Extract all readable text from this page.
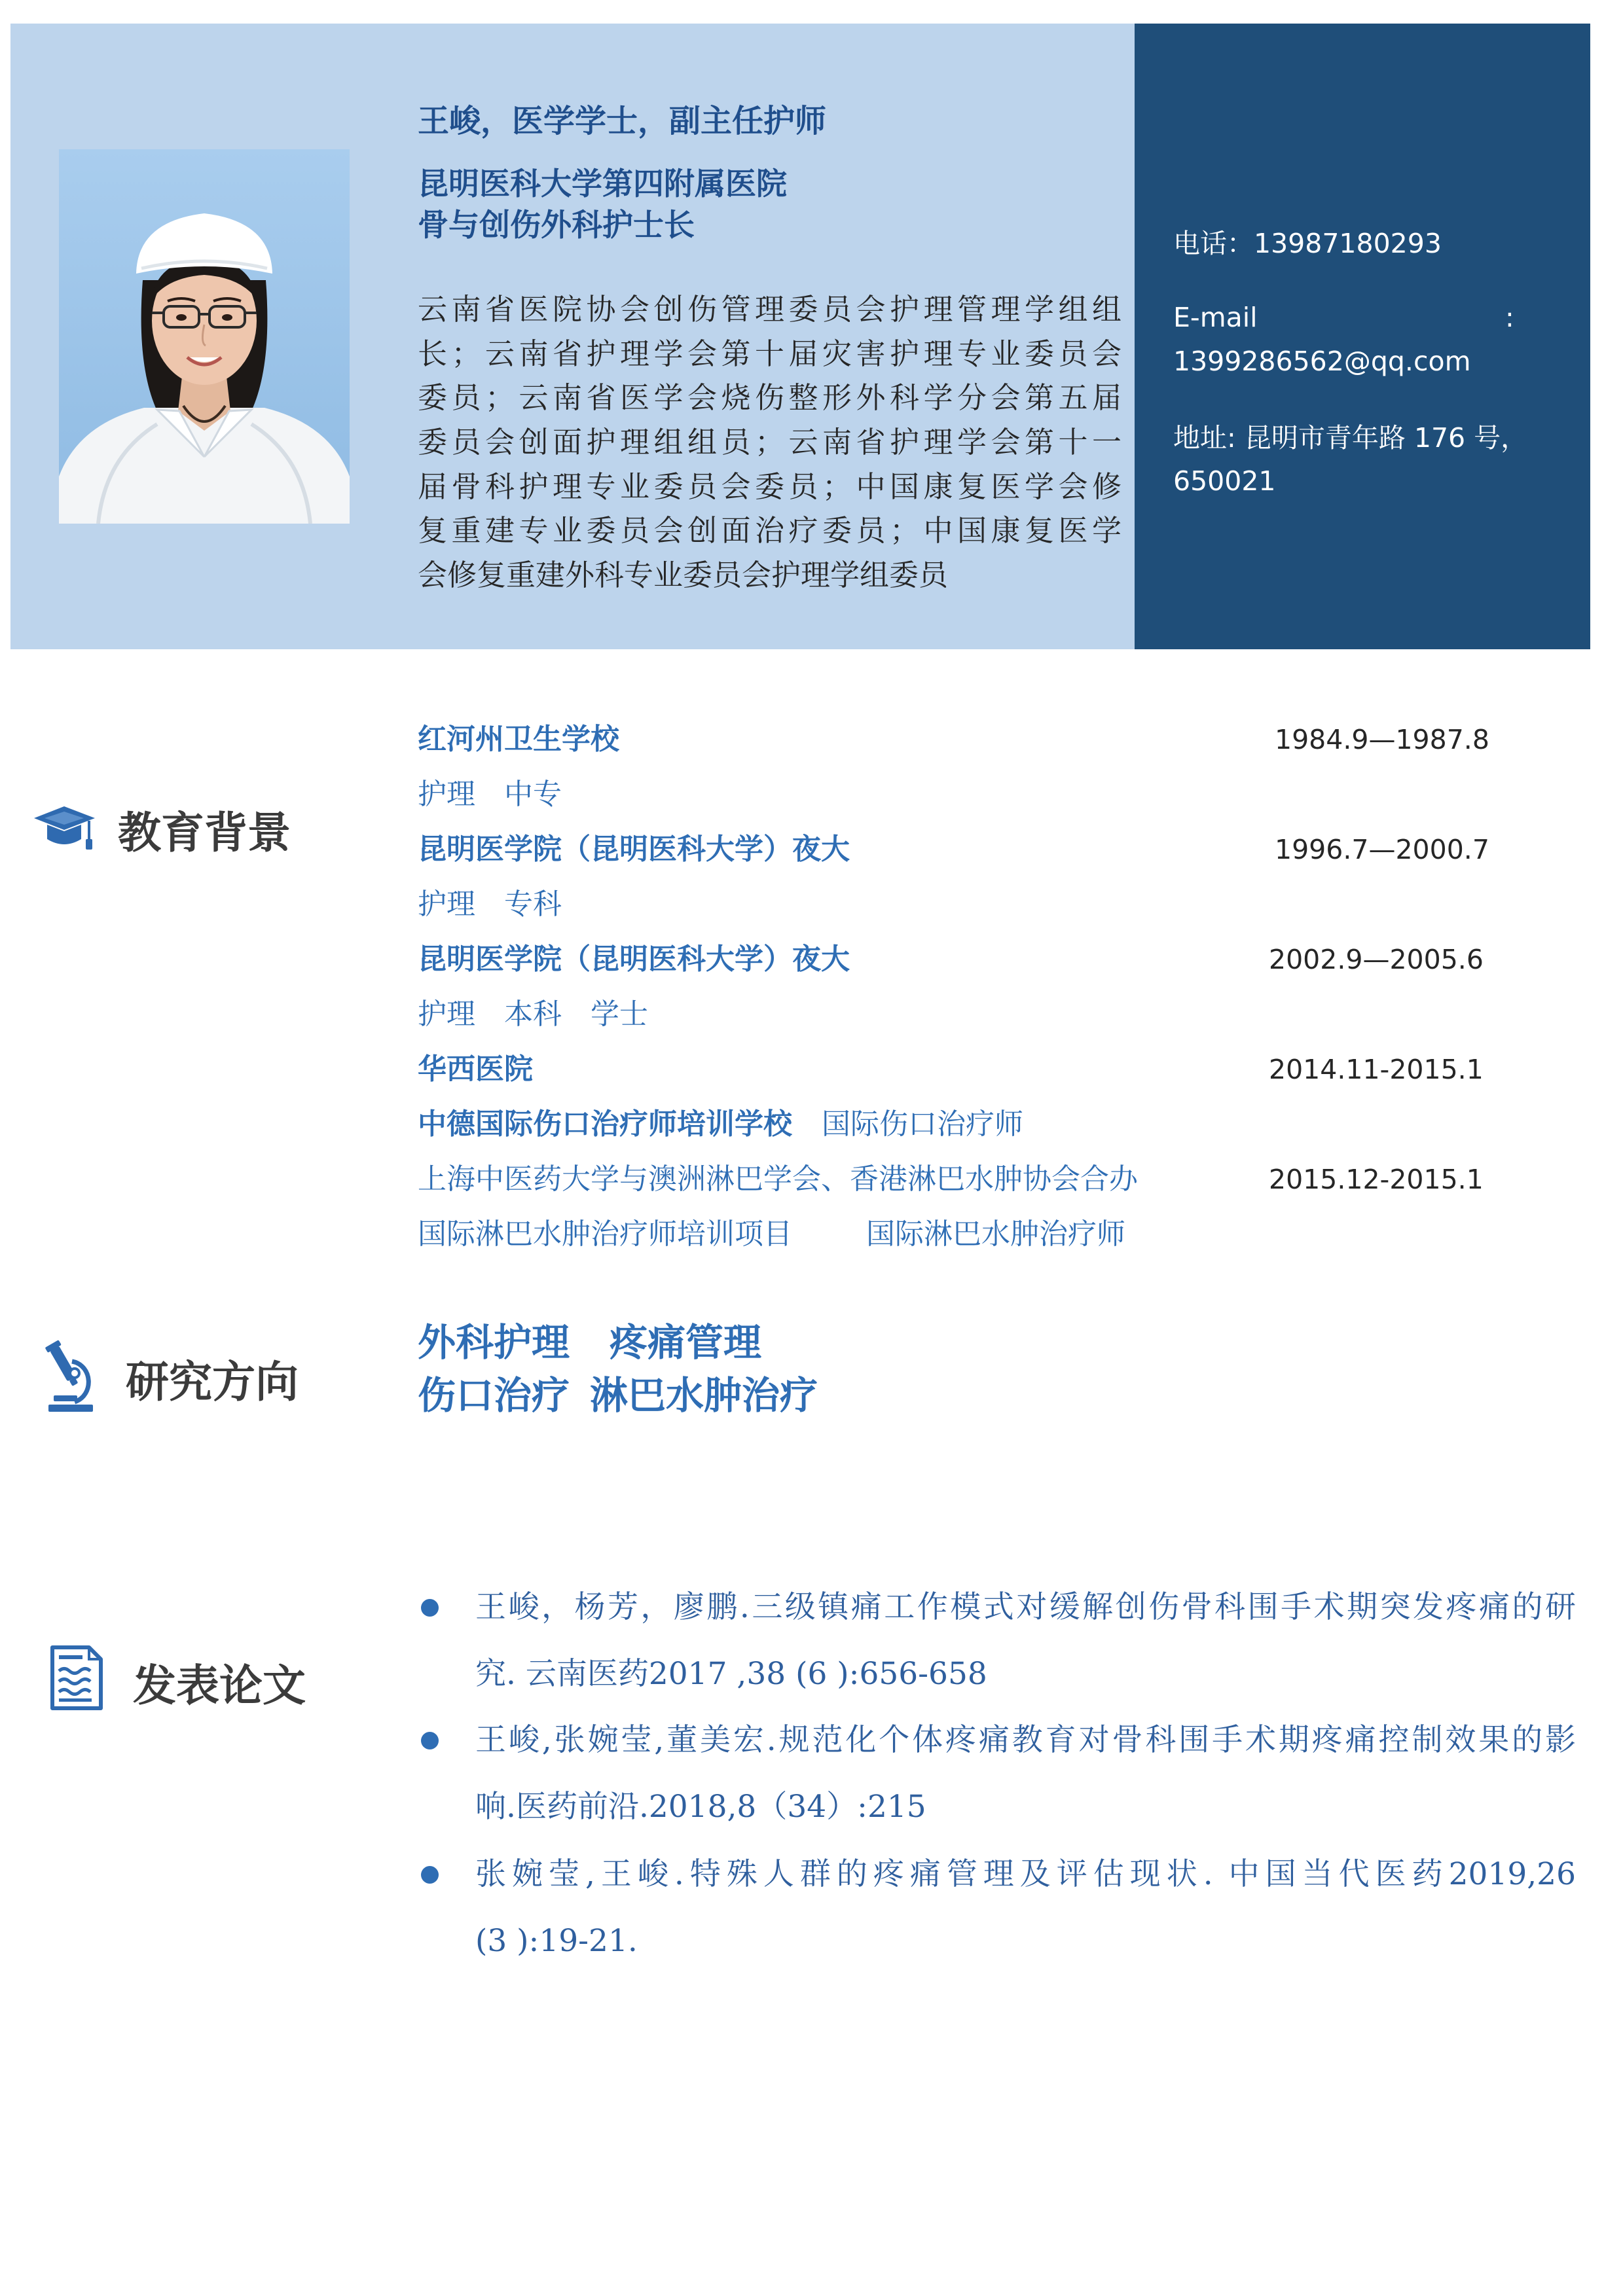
王峻，医学学士，副主任护师
昆明医科大学第四附属医院
骨与创伤外科护士长
云南省医院协会创伤管理委员会护理管理学组组
长；云南省护理学会第十届灾害护理专业委员会
委员；云南省医学会烧伤整形外科学分会第五届
委员会创面护理组组员；云南省护理学会第十一
届骨科护理专业委员会委员；中国康复医学会修
复重建专业委员会创面治疗委员；中国康复医学
会修复重建外科专业委员会护理学组委员
电话：13987180293
E-mail	:
1399286562@qq.com
地址: 昆明市青年路 176 号，
650021
教育背景
红河州卫生学校	1984.9—1987.8
护理　中专
昆明医学院（昆明医科大学）夜大	1996.7—2000.7
护理　专科
昆明医学院（昆明医科大学）夜大	2002.9—2005.6
护理　本科　学士
华西医院	2014.11-2015.1
中德国际伤口治疗师培训学校 国际伤口治疗师
上海中医药大学与澳洲淋巴学会、香港淋巴水肿协会合办	2015.12-2015.1
国际淋巴水肿治疗师培训项目	国际淋巴水肿治疗师
研究方向
外科护理 疼痛管理
伤口治疗 淋巴水肿治疗
发表论文
王峻，杨芳，廖鹏.三级镇痛工作模式对缓解创伤骨科围手术期突发疼痛的研
究. 云南医药2017 ,38 (6 ):656-658
王峻,张婉莹,董美宏.规范化个体疼痛教育对骨科围手术期疼痛控制效果的影
响.医药前沿.2018,8（34）:215
张婉莹,王峻.特殊人群的疼痛管理及评估现状. 中国当代医药2019,26
(3 ):19-21.
